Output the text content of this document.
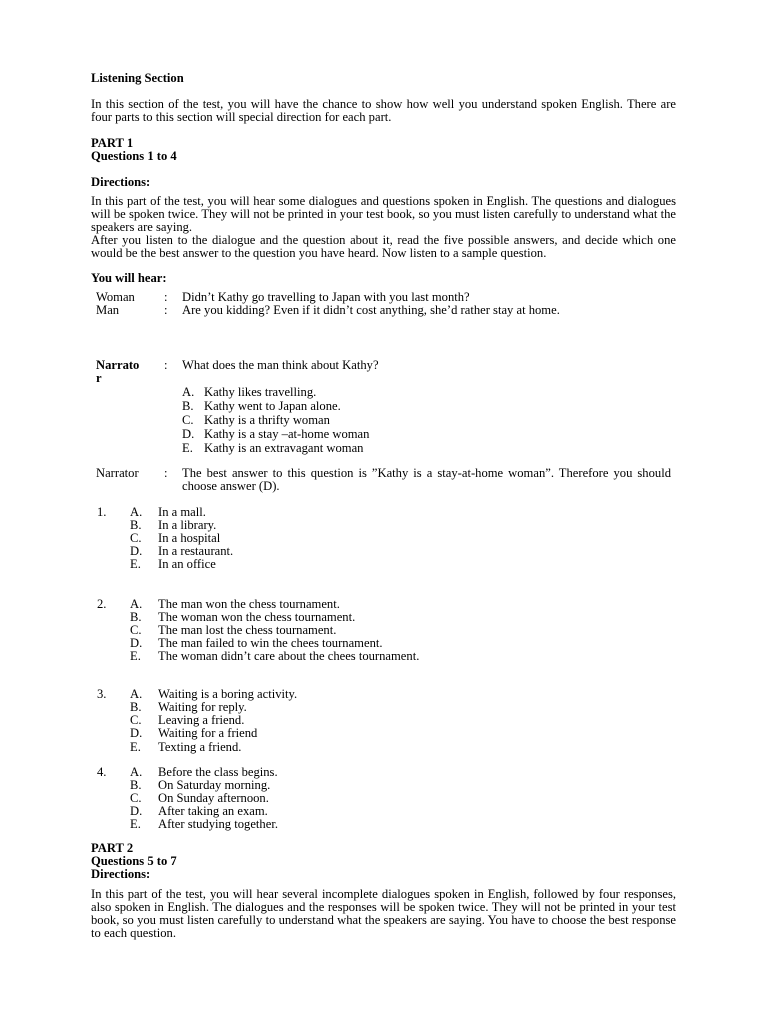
Listening Section
In this section of the test, you will have the chance to show how well you understand spoken English. There are four parts to this section will special direction for each part.
PART 1
Questions 1 to 4
Directions:
In this part of the test, you will hear some dialogues and questions spoken in English. The questions and dialogues will be spoken twice. They will not be printed in your test book, so you must listen carefully to understand what the speakers are saying.
After you listen to the dialogue and the question about it, read the five possible answers, and decide which one would be the best answer to the question you have heard. Now listen to a sample question.
You will hear:
Woman	: Didn’t Kathy go travelling to Japan with you last month?
Man	: Are you kidding? Even if it didn’t cost anything, she’d rather stay at home.
Narrato
r
: What does the man think about Kathy?
A. Kathy likes travelling.
B. Kathy went to Japan alone.
C. Kathy is a thrifty woman
D. Kathy is a stay –at-home woman
E. Kathy is an extravagant woman
Narrator : The best answer to this question is ”Kathy is a stay-at-home woman”. Therefore you should choose answer (D).
1. A. In a mall.
B. In a library.
C. In a hospital
D. In a restaurant.
E. In an office
2. A. The man won the chess tournament.
B. The woman won the chess tournament.
C. The man lost the chess tournament.
D. The man failed to win the chees tournament.
E. The woman didn’t care about the chees tournament.
3. A. Waiting is a boring activity.
B. Waiting for reply.
C. Leaving a friend.
D. Waiting for a friend
E. Texting a friend.
4. A. Before the class begins.
B. On Saturday morning.
C. On Sunday afternoon.
D. After taking an exam.
E. After studying together.
PART 2
Questions 5 to 7
Directions:
In this part of the test, you will hear several incomplete dialogues spoken in English, followed by four responses, also spoken in English. The dialogues and the responses will be spoken twice. They will not be printed in your test book, so you must listen carefully to understand what the speakers are saying. You have to choose the best response to each question.
